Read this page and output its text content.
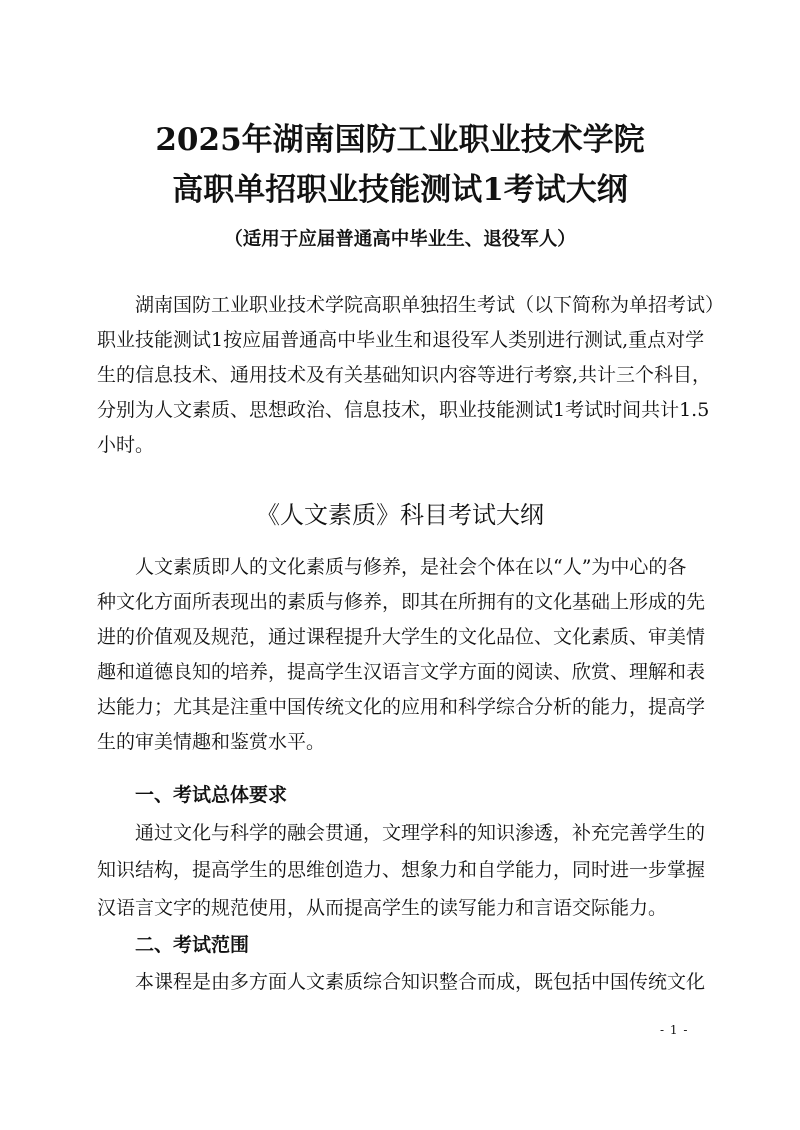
2025年湖南国防工业职业技术学院
高职单招职业技能测试1考试大纲
（适用于应届普通高中毕业生、退役军人）
湖南国防工业职业技术学院高职单独招生考试（以下简称为单招考试）
职业技能测试1按应届普通高中毕业生和退役军人类别进行测试,重点对学
生的信息技术、通用技术及有关基础知识内容等进行考察,共计三个科目，
分别为人文素质、思想政治、信息技术，职业技能测试1考试时间共计1.5
小时。
《人文素质》科目考试大纲
人文素质即人的文化素质与修养，是社会个体在以“人”为中心的各
种文化方面所表现出的素质与修养，即其在所拥有的文化基础上形成的先
进的价值观及规范，通过课程提升大学生的文化品位、文化素质、审美情
趣和道德良知的培养，提高学生汉语言文学方面的阅读、欣赏、理解和表
达能力；尤其是注重中国传统文化的应用和科学综合分析的能力，提高学
生的审美情趣和鉴赏水平。
一、考试总体要求
通过文化与科学的融会贯通，文理学科的知识渗透，补充完善学生的
知识结构，提高学生的思维创造力、想象力和自学能力，同时进一步掌握
汉语言文字的规范使用，从而提高学生的读写能力和言语交际能力。
二、考试范围
本课程是由多方面人文素质综合知识整合而成，既包括中国传统文化
- 1 -
